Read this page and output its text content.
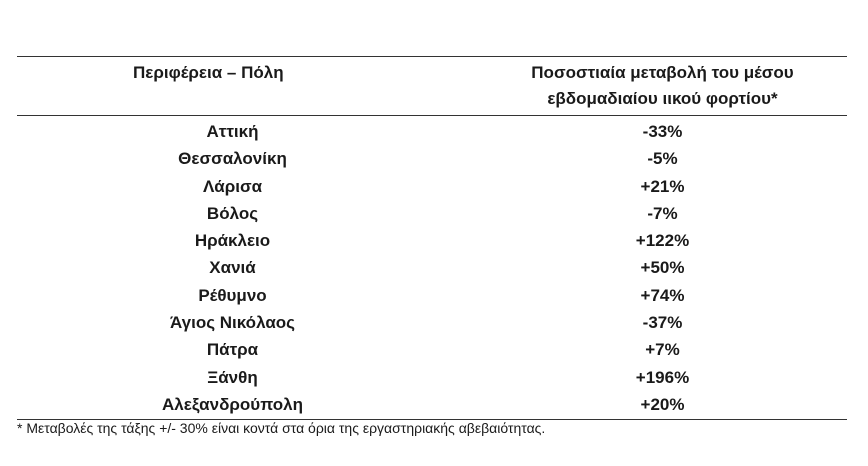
Περιφέρεια – Πόλη	Ποσοστιαία μεταβολή του μέσου
εβδομαδιαίου ιικού φορτίου*
Αττική	-33%
Θεσσαλονίκη	-5%
Λάρισα	+21%
Βόλος	-7%
Ηράκλειο	+122%
Χανιά	+50%
Ρέθυμνο	+74%
Άγιος Νικόλαος	-37%
Πάτρα	+7%
Ξάνθη	+196%
Αλεξανδρούπολη	+20%
* Μεταβολές της τάξης +/- 30% είναι κοντά στα όρια της εργαστηριακής αβεβαιότητας.
